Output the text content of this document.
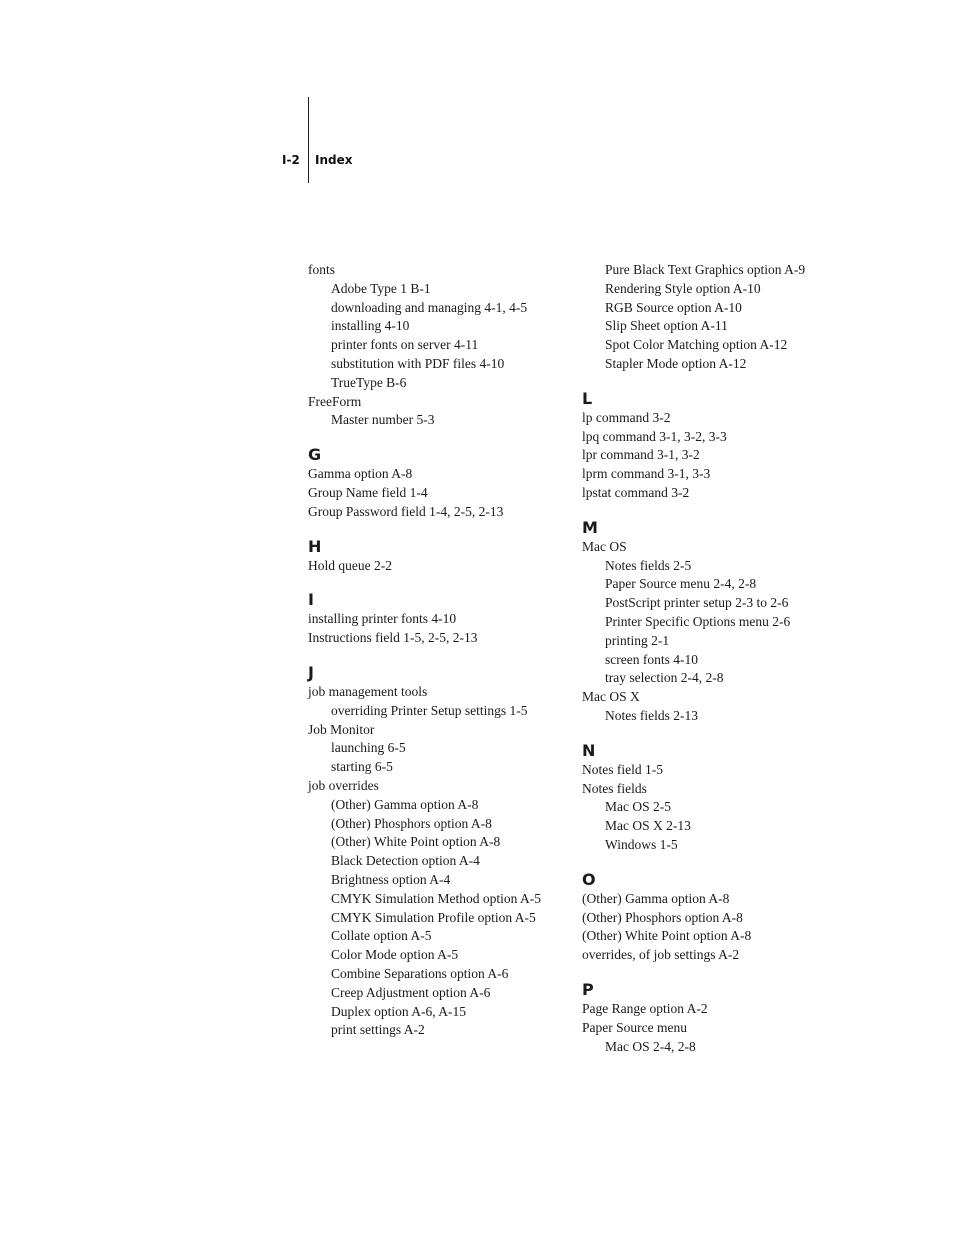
I-2	Index
fonts
Adobe Type 1 B-1
downloading and managing 4-1, 4-5
installing 4-10
printer fonts on server 4-11
substitution with PDF files 4-10
TrueType B-6
FreeForm
Master number 5-3
G
Gamma option A-8
Group Name field 1-4
Group Password field 1-4, 2-5, 2-13
H
Hold queue 2-2
I
installing printer fonts 4-10
Instructions field 1-5, 2-5, 2-13
J
job management tools
overriding Printer Setup settings 1-5
Job Monitor
launching 6-5
starting 6-5
job overrides
(Other) Gamma option A-8
(Other) Phosphors option A-8
(Other) White Point option A-8
Black Detection option A-4
Brightness option A-4
CMYK Simulation Method option A-5
CMYK Simulation Profile option A-5
Collate option A-5
Color Mode option A-5
Combine Separations option A-6
Creep Adjustment option A-6
Duplex option A-6, A-15
print settings A-2
Pure Black Text Graphics option A-9
Rendering Style option A-10
RGB Source option A-10
Slip Sheet option A-11
Spot Color Matching option A-12
Stapler Mode option A-12
L
lp command 3-2
lpq command 3-1, 3-2, 3-3
lpr command 3-1, 3-2
lprm command 3-1, 3-3
lpstat command 3-2
M
Mac OS
Notes fields 2-5
Paper Source menu 2-4, 2-8
PostScript printer setup 2-3 to 2-6
Printer Specific Options menu 2-6
printing 2-1
screen fonts 4-10
tray selection 2-4, 2-8
Mac OS X
Notes fields 2-13
N
Notes field 1-5
Notes fields
Mac OS 2-5
Mac OS X 2-13
Windows 1-5
O
(Other) Gamma option A-8
(Other) Phosphors option A-8
(Other) White Point option A-8
overrides, of job settings A-2
P
Page Range option A-2
Paper Source menu
Mac OS 2-4, 2-8
